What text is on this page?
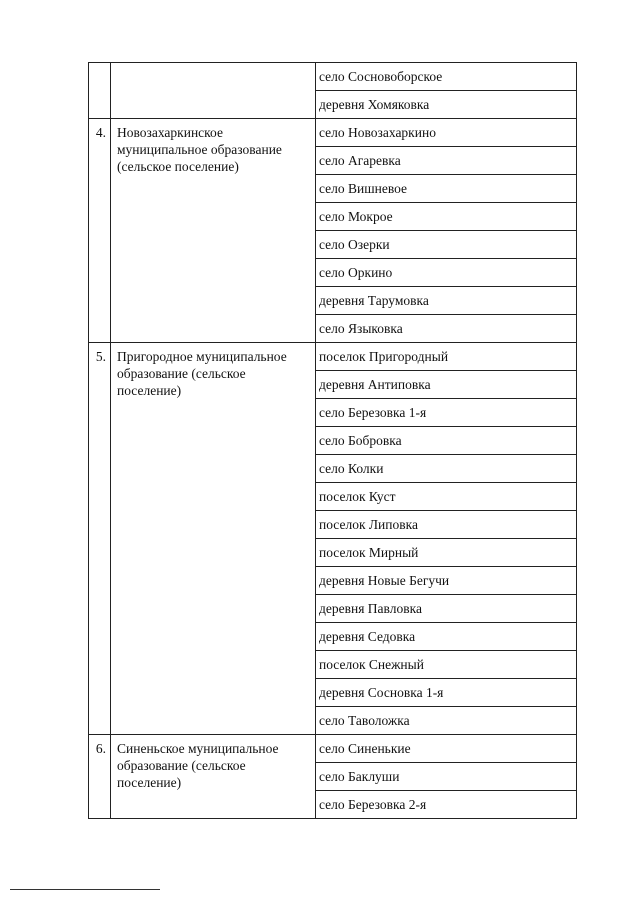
		село Сосновоборское
		деревня Хомяковка
4.	Новозахаркинское муниципальное образование (сельское поселение)	село Новозахаркино
		село Агаревка
		село Вишневое
		село Мокрое
		село Озерки
		село Оркино
		деревня Тарумовка
		село Языковка
5.	Пригородное муниципальное образование (сельское поселение)	поселок Пригородный
		деревня Антиповка
		село Березовка 1-я
		село Бобровка
		село Колки
		поселок Куст
		поселок Липовка
		поселок Мирный
		деревня Новые Бегучи
		деревня Павловка
		деревня Седовка
		поселок Снежный
		деревня Сосновка 1-я
		село Таволожка
6.	Синеньское муниципальное образование (сельское поселение)	село Синенькие
		село Баклуши
		село Березовка 2-я
